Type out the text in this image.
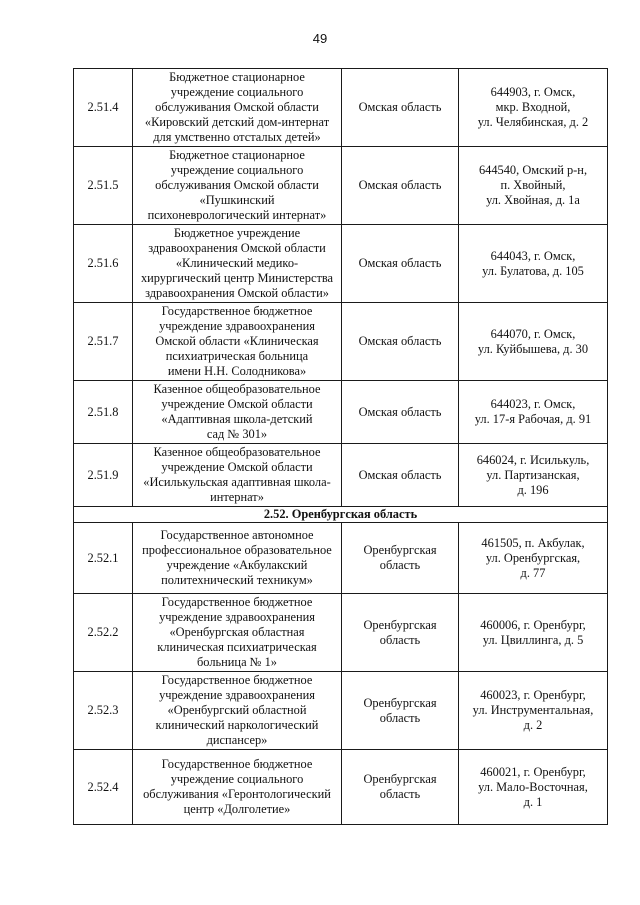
49
2.51.4	Бюджетное стационарное
учреждение социального
обслуживания Омской области
«Кировский детский дом-интернат
для умственно отсталых детей»	Омская область	644903, г. Омск,
мкр. Входной,
ул. Челябинская, д. 2

2.51.5	Бюджетное стационарное
учреждение социального
обслуживания Омской области
«Пушкинский
психоневрологический интернат»	Омская область	644540, Омский р-н,
п. Хвойный,
ул. Хвойная, д. 1а

2.51.6	Бюджетное учреждение
здравоохранения Омской области
«Клинический медико-
хирургический центр Министерства
здравоохранения Омской области»	Омская область	644043, г. Омск,
ул. Булатова, д. 105

2.51.7	Государственное бюджетное
учреждение здравоохранения
Омской области «Клиническая
психиатрическая больница
имени Н.Н. Солодникова»	Омская область	644070, г. Омск,
ул. Куйбышева, д. 30

2.51.8	Казенное общеобразовательное
учреждение Омской области
«Адаптивная школа-детский
сад № 301»	Омская область	644023, г. Омск,
ул. 17-я Рабочая, д. 91

2.51.9	Казенное общеобразовательное
учреждение Омской области
«Исилькульская адаптивная школа-
интернат»	Омская область	646024, г. Исилькуль,
ул. Партизанская,
д. 196

2.52. Оренбургская область			

2.52.1	Государственное автономное
профессиональное образовательное
учреждение «Акбулакский
политехнический техникум»	Оренбургская
область	461505, п. Акбулак,
ул. Оренбургская,
д. 77

2.52.2	Государственное бюджетное
учреждение здравоохранения
«Оренбургская областная
клиническая психиатрическая
больница № 1»	Оренбургская
область	460006, г. Оренбург,
ул. Цвиллинга, д. 5

2.52.3	Государственное бюджетное
учреждение здравоохранения
«Оренбургский областной
клинический наркологический
диспансер»	Оренбургская
область	460023, г. Оренбург,
ул. Инструментальная,
д. 2

2.52.4	Государственное бюджетное
учреждение социального
обслуживания «Геронтологический
центр «Долголетие»	Оренбургская
область	460021, г. Оренбург,
ул. Мало-Восточная,
д. 1
